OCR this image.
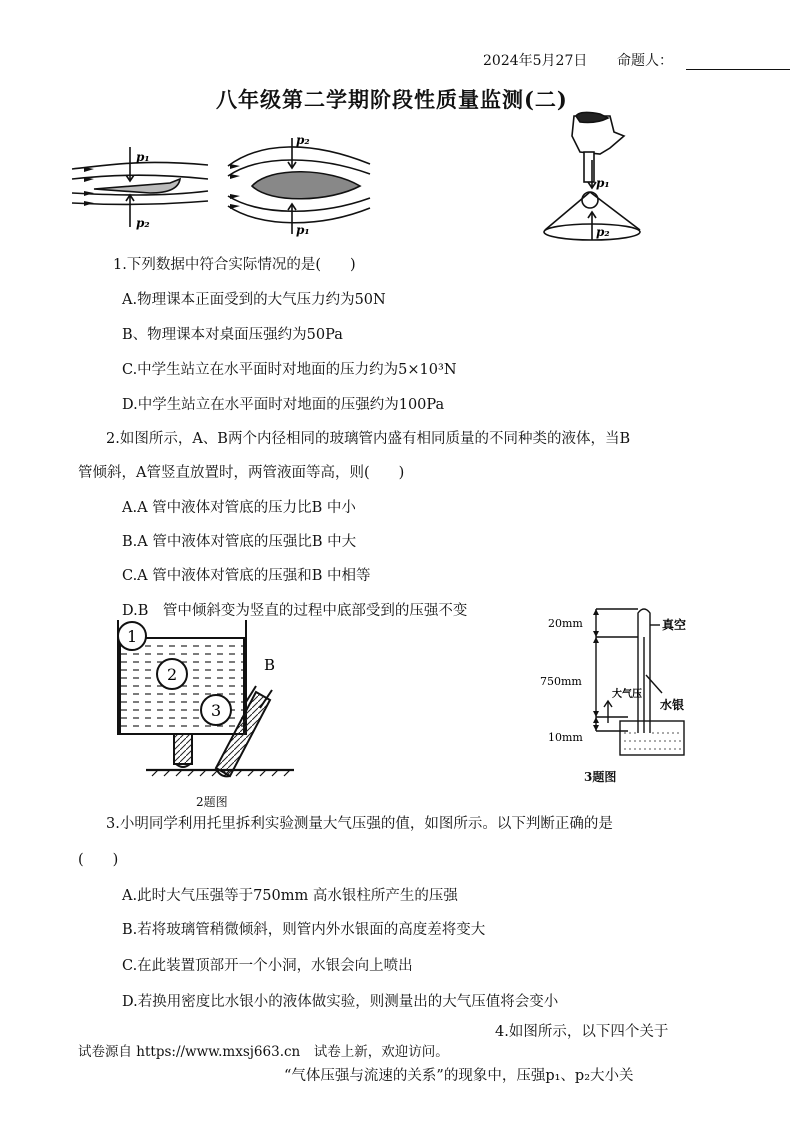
2024年5月27日 命题人：
八年级第二学期阶段性质量监测(二)
p₁
p₂
p₂
p₁
p₁
p₂
1.下列数据中符合实际情况的是(　　)
A.物理课本正面受到的大气压力约为50N
B、物理课本对桌面压强约为50Pa
C.中学生站立在水平面时对地面的压力约为5×10³N
D.中学生站立在水平面时对地面的压强约为100Pa
2.如图所示，A、B两个内径相同的玻璃管内盛有相同质量的不同种类的液体，当B
管倾斜，A管竖直放置时，两管液面等高，则(　　)
A.A 管中液体对管底的压力比B 中小
B.A 管中液体对管底的压强比B 中大
C.A 管中液体对管底的压强和B 中相等
D.B　管中倾斜变为竖直的过程中底部受到的压强不变
1
2
3
B
2题图
20mm
750mm
10mm
真空
大气压
水银
3题图
3.小明同学利用托里拆利实验测量大气压强的值，如图所示。以下判断正确的是
(　　)
A.此时大气压强等于750mm 高水银柱所产生的压强
B.若将玻璃管稍微倾斜，则管内外水银面的高度差将变大
C.在此装置顶部开一个小洞，水银会向上喷出
D.若换用密度比水银小的液体做实验，则测量出的大气压值将会变小
4.如图所示，以下四个关于
试卷源自 https://www.mxsj663.cn　试卷上新，欢迎访问。
“气体压强与流速的关系”的现象中，压强p₁、p₂大小关
